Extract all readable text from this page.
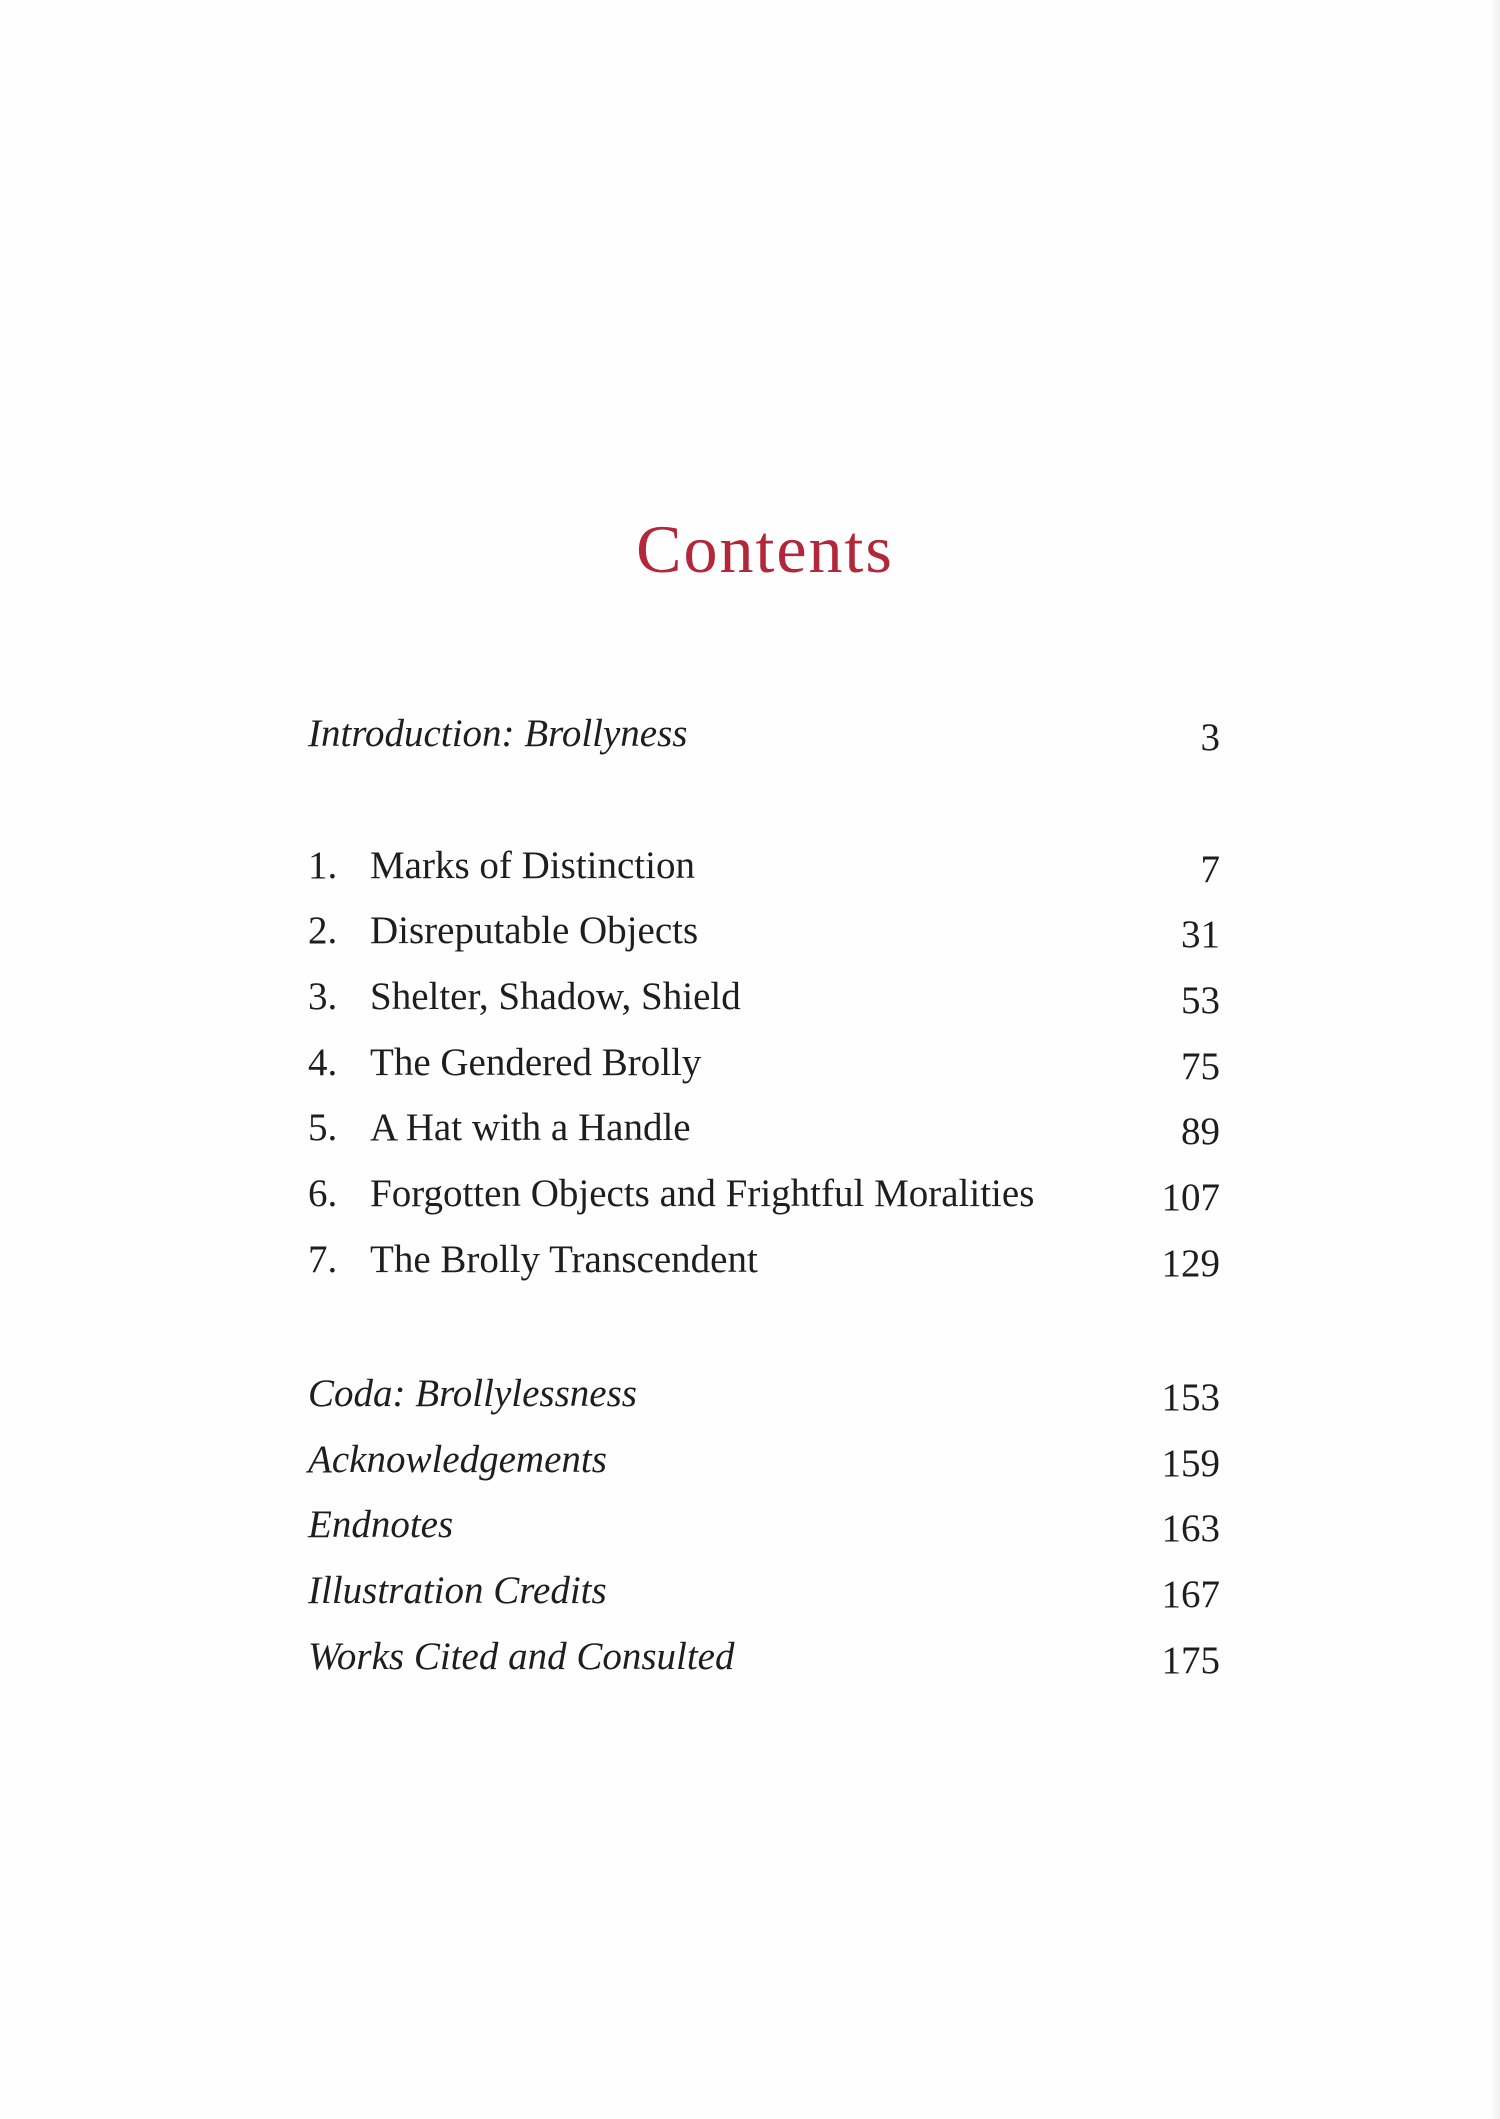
Contents
Introduction: Brollyness	3
1. Marks of Distinction	7
2. Disreputable Objects	31
3. Shelter, Shadow, Shield	53
4. The Gendered Brolly	75
5. A Hat with a Handle	89
6. Forgotten Objects and Frightful Moralities	107
7. The Brolly Transcendent	129
Coda: Brollylessness	153
Acknowledgements	159
Endnotes	163
Illustration Credits	167
Works Cited and Consulted	175
